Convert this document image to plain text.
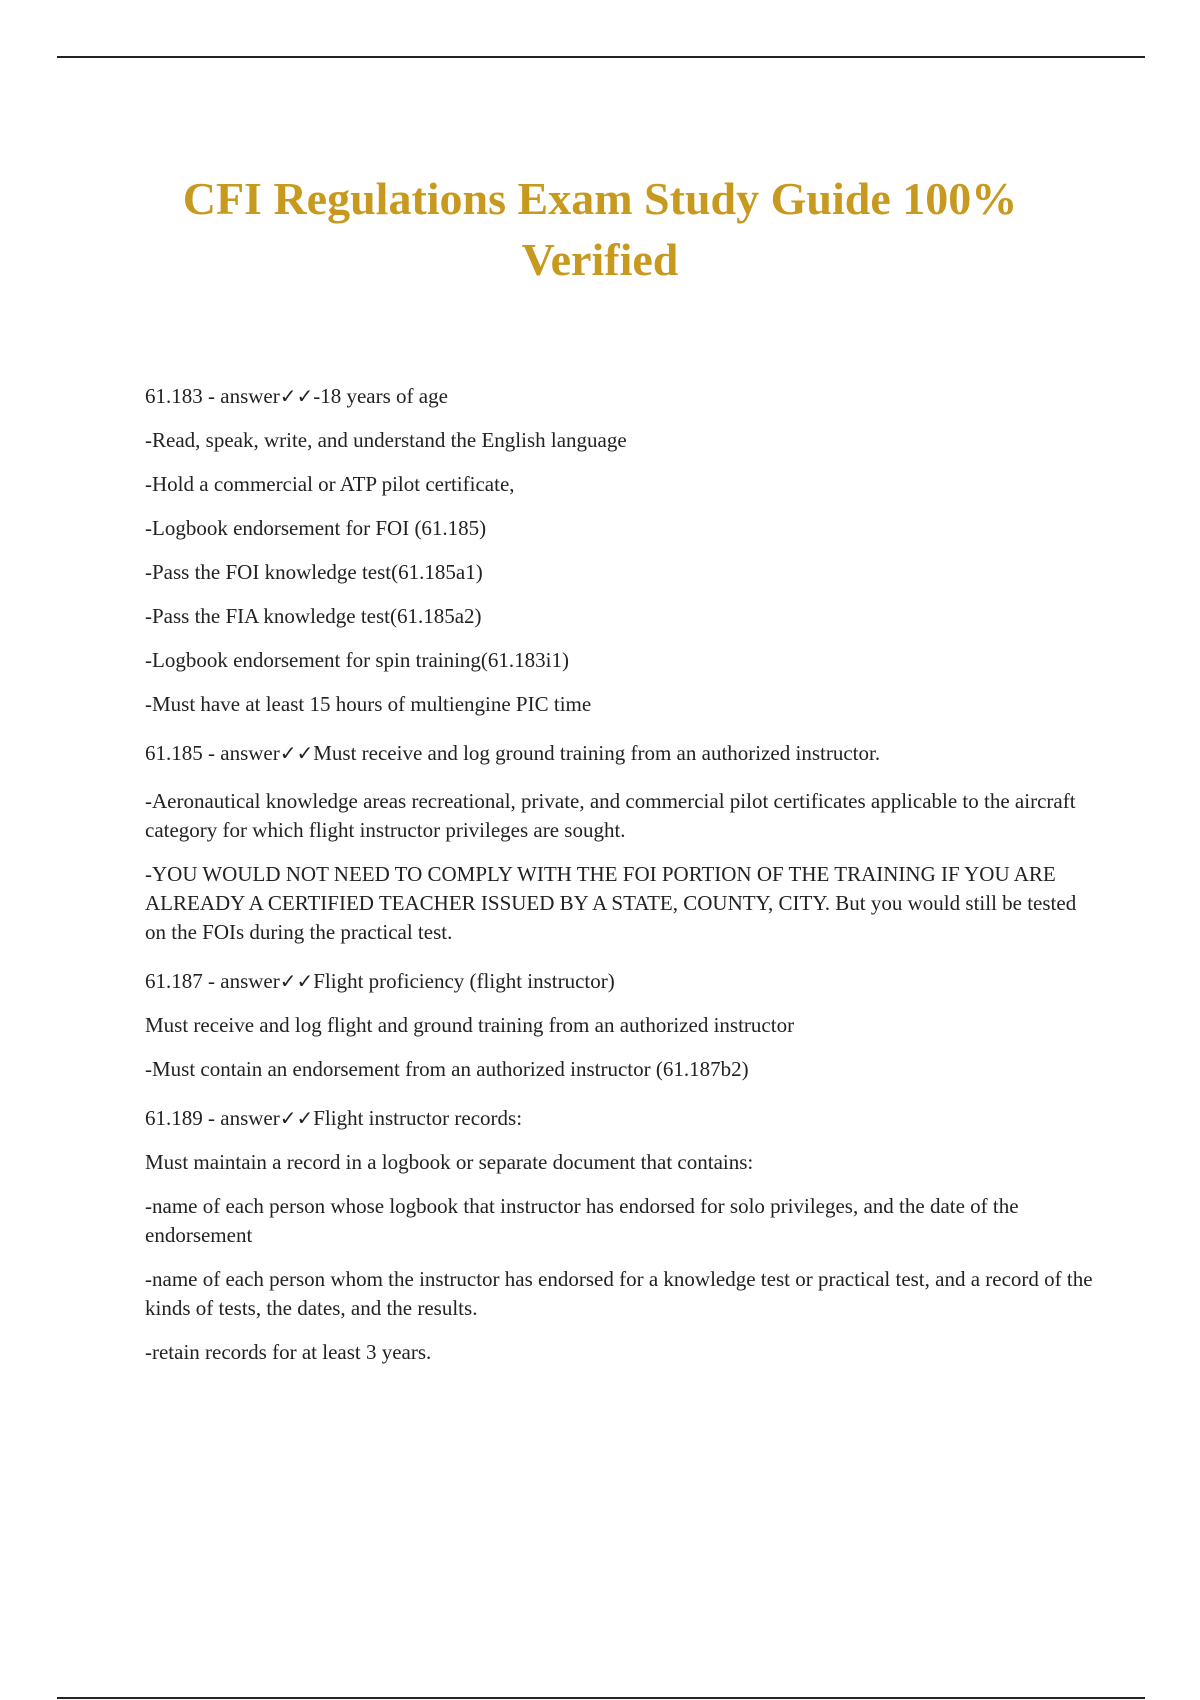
CFI Regulations Exam Study Guide 100% Verified

61.183 - answer✓✓-18 years of age

-Read, speak, write, and understand the English language

-Hold a commercial or ATP pilot certificate,

-Logbook endorsement for FOI (61.185)

-Pass the FOI knowledge test(61.185a1)

-Pass the FIA knowledge test(61.185a2)

-Logbook endorsement for spin training(61.183i1)

-Must have at least 15 hours of multiengine PIC time

61.185 - answer✓✓Must receive and log ground training from an authorized instructor.

-Aeronautical knowledge areas recreational, private, and commercial pilot certificates applicable to the aircraft category for which flight instructor privileges are sought.

-YOU WOULD NOT NEED TO COMPLY WITH THE FOI PORTION OF THE TRAINING IF YOU ARE ALREADY A CERTIFIED TEACHER ISSUED BY A STATE, COUNTY, CITY. But you would still be tested on the FOIs during the practical test.

61.187 - answer✓✓Flight proficiency (flight instructor)

Must receive and log flight and ground training from an authorized instructor

-Must contain an endorsement from an authorized instructor (61.187b2)

61.189 - answer✓✓Flight instructor records:

Must maintain a record in a logbook or separate document that contains:

-name of each person whose logbook that instructor has endorsed for solo privileges, and the date of the endorsement

-name of each person whom the instructor has endorsed for a knowledge test or practical test, and a record of the kinds of tests, the dates, and the results.

-retain records for at least 3 years.
